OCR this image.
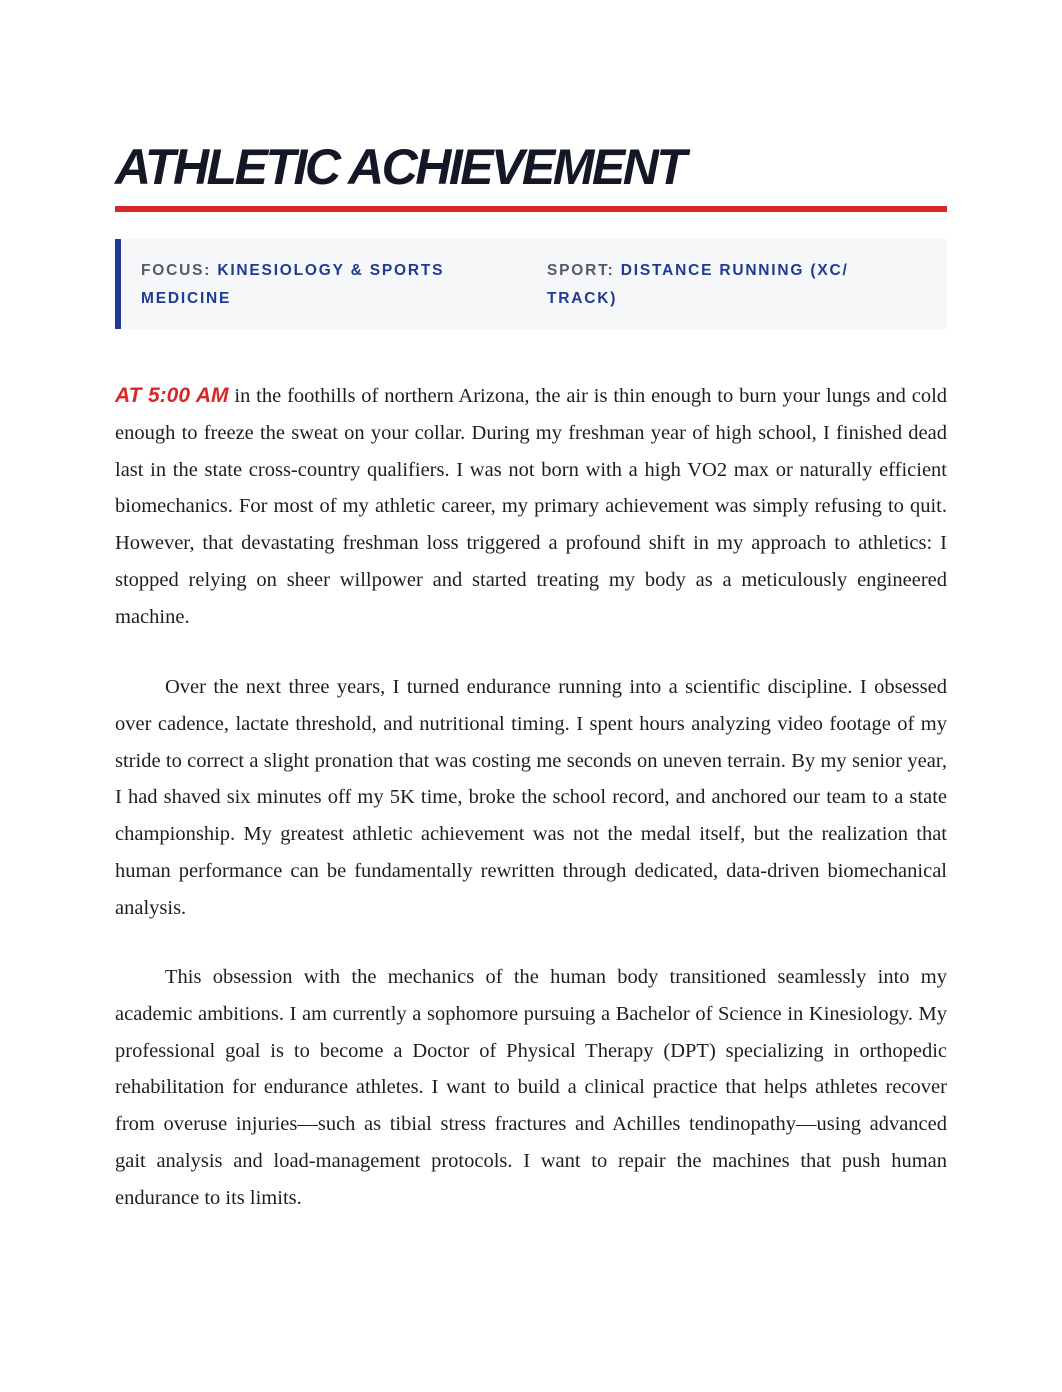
ATHLETIC ACHIEVEMENT
FOCUS: KINESIOLOGY & SPORTS MEDICINE
SPORT: DISTANCE RUNNING (XC/ TRACK)

AT 5:00 AM in the foothills of northern Arizona, the air is thin enough to burn your lungs and cold enough to freeze the sweat on your collar. During my freshman year of high school, I finished dead last in the state cross-country qualifiers. I was not born with a high VO2 max or naturally efficient biomechanics. For most of my athletic career, my primary achievement was simply refusing to quit. However, that devastating freshman loss triggered a profound shift in my approach to athletics: I stopped relying on sheer willpower and started treating my body as a meticulously engineered machine.

Over the next three years, I turned endurance running into a scientific discipline. I obsessed over cadence, lactate threshold, and nutritional timing. I spent hours analyzing video footage of my stride to correct a slight pronation that was costing me seconds on uneven terrain. By my senior year, I had shaved six minutes off my 5K time, broke the school record, and anchored our team to a state championship. My greatest athletic achievement was not the medal itself, but the realization that human performance can be fundamentally rewritten through dedicated, data-driven biomechanical analysis.

This obsession with the mechanics of the human body transitioned seamlessly into my academic ambitions. I am currently a sophomore pursuing a Bachelor of Science in Kinesiology. My professional goal is to become a Doctor of Physical Therapy (DPT) specializing in orthopedic rehabilitation for endurance athletes. I want to build a clinical practice that helps athletes recover from overuse injuries—such as tibial stress fractures and Achilles tendinopathy—using advanced gait analysis and load-management protocols. I want to repair the machines that push human endurance to its limits.
